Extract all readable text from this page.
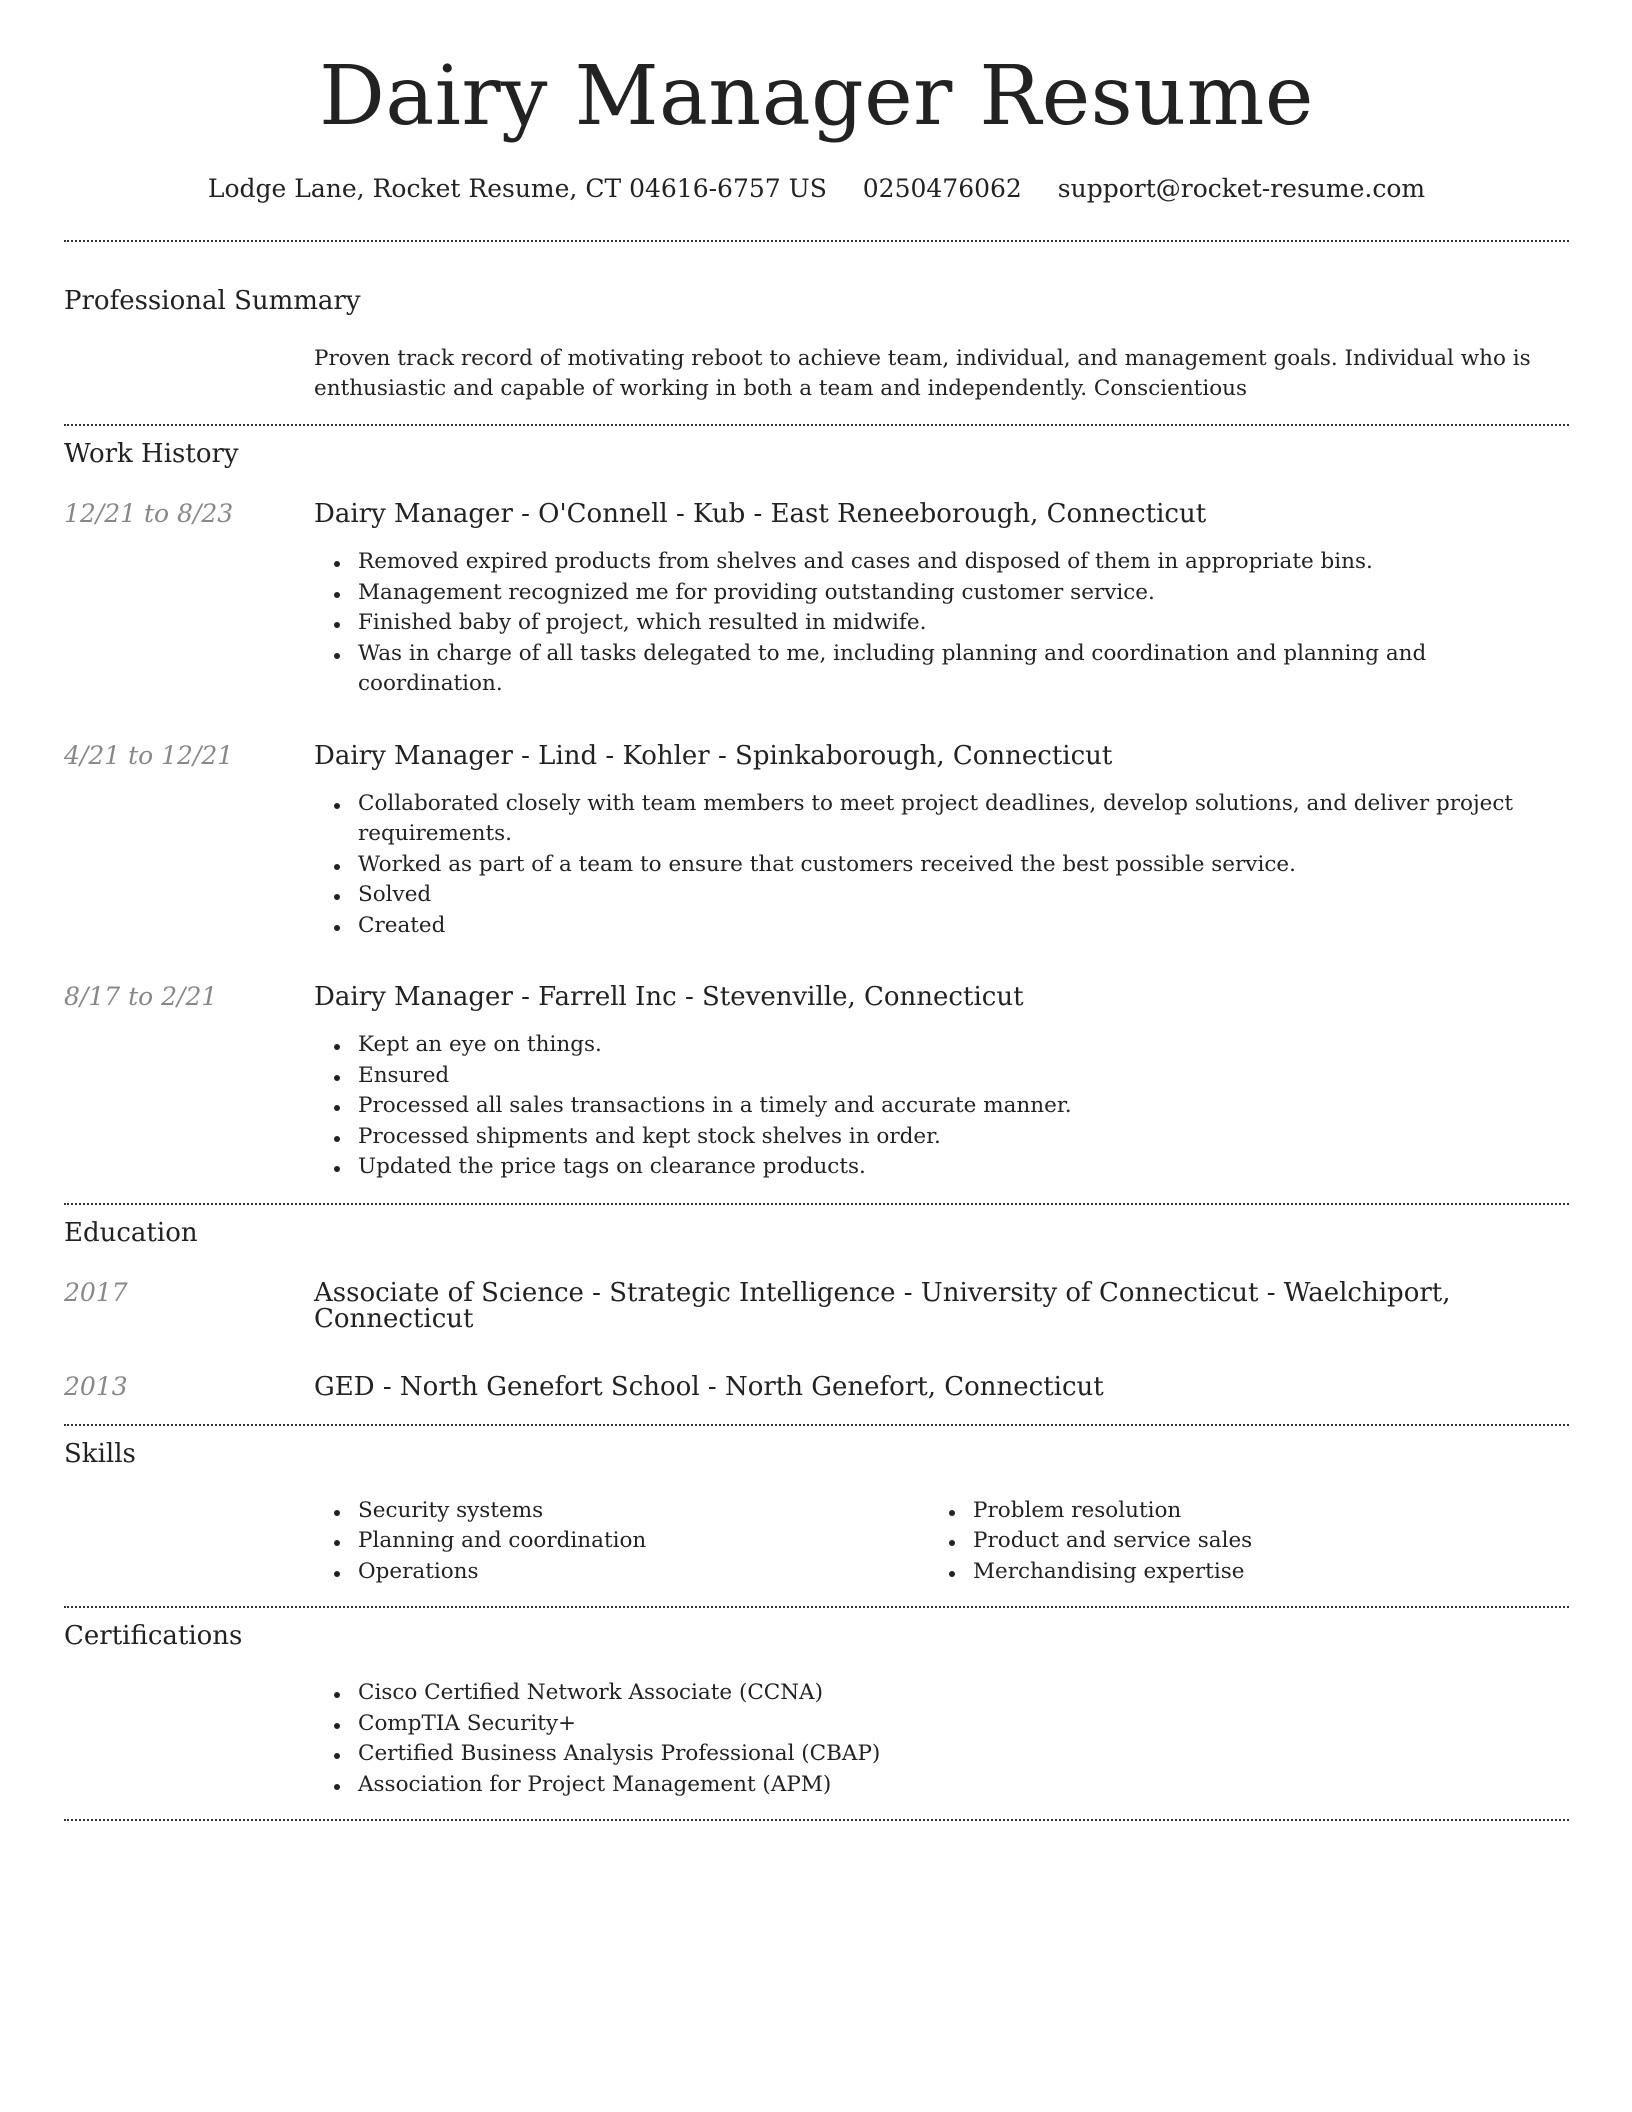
Dairy Manager Resume
Lodge Lane, Rocket Resume, CT 04616-6757 US 0250476062 support@rocket-resume.com
Professional Summary

Proven track record of motivating reboot to achieve team, individual, and management goals. Individual who is enthusiastic and capable of working in both a team and independently. Conscientious

Work History
12/21 to 8/23	Dairy Manager - O'Connell - Kub - East Reneeborough, Connecticut
Removed expired products from shelves and cases and disposed of them in appropriate bins.
Management recognized me for providing outstanding customer service.
Finished baby of project, which resulted in midwife.
Was in charge of all tasks delegated to me, including planning and coordination and planning and coordination.
4/21 to 12/21	Dairy Manager - Lind - Kohler - Spinkaborough, Connecticut
Collaborated closely with team members to meet project deadlines, develop solutions, and deliver project requirements.
Worked as part of a team to ensure that customers received the best possible service.
Solved
Created
8/17 to 2/21	Dairy Manager - Farrell Inc - Stevenville, Connecticut
Kept an eye on things.
Ensured
Processed all sales transactions in a timely and accurate manner.
Processed shipments and kept stock shelves in order.
Updated the price tags on clearance products.
Education
2017	Associate of Science - Strategic Intelligence - University of Connecticut - Waelchiport, Connecticut
2013	GED - North Genefort School - North Genefort, Connecticut
Skills
Security systems
Planning and coordination
Operations
Problem resolution
Product and service sales
Merchandising expertise
Certifications
Cisco Certified Network Associate (CCNA)
CompTIA Security+
Certified Business Analysis Professional (CBAP)
Association for Project Management (APM)
